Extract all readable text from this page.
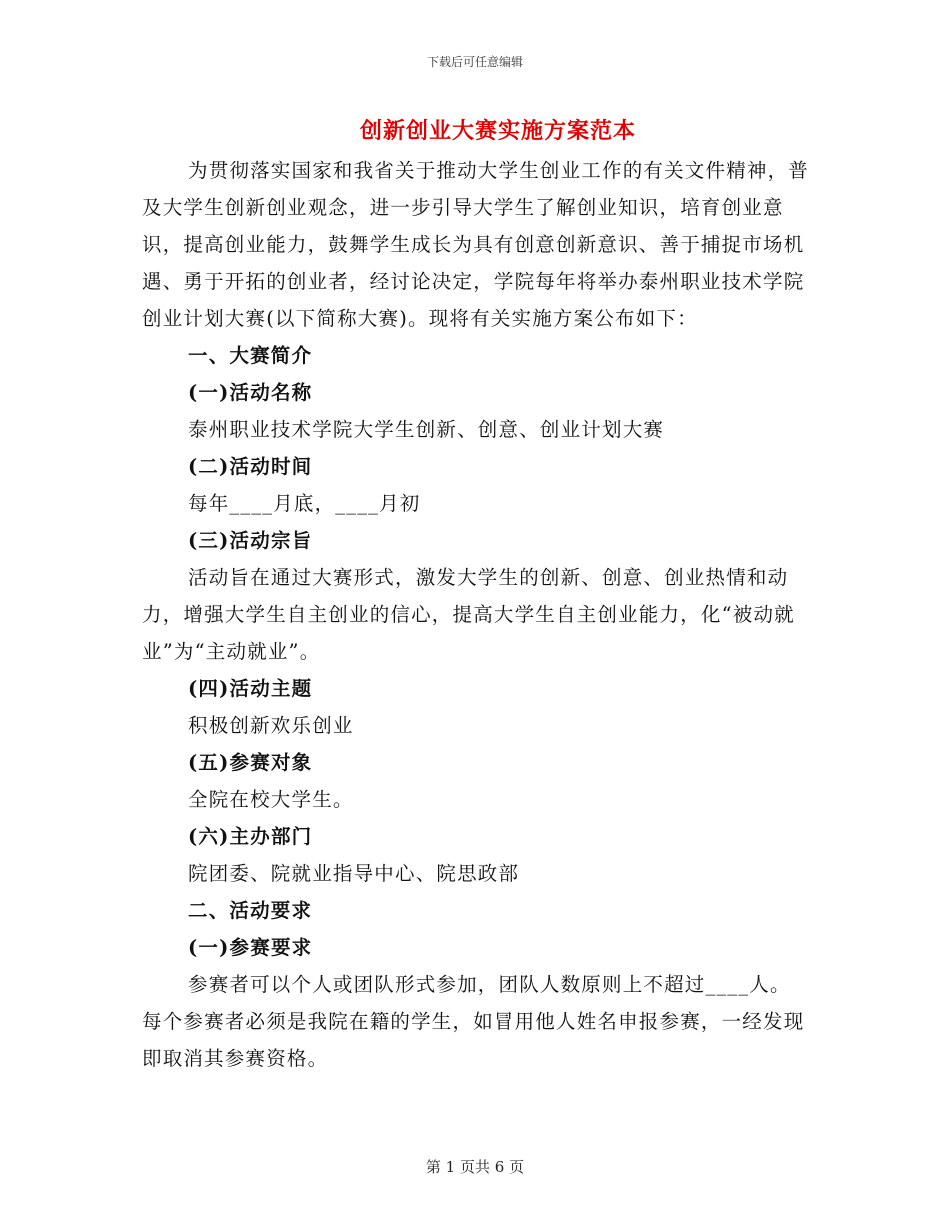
下载后可任意编辑
创新创业大赛实施方案范本

为贯彻落实国家和我省关于推动大学生创业工作的有关文件精神，普及大学生创新创业观念，进一步引导大学生了解创业知识，培育创业意识，提高创业能力，鼓舞学生成长为具有创意创新意识、善于捕捉市场机遇、勇于开拓的创业者，经讨论决定，学院每年将举办泰州职业技术学院创业计划大赛(以下简称大赛)。现将有关实施方案公布如下：

一、大赛简介

(一)活动名称

泰州职业技术学院大学生创新、创意、创业计划大赛

(二)活动时间

每年____月底，____月初

(三)活动宗旨

活动旨在通过大赛形式，激发大学生的创新、创意、创业热情和动力，增强大学生自主创业的信心，提高大学生自主创业能力，化“被动就业”为“主动就业”。

(四)活动主题

积极创新欢乐创业

(五)参赛对象

全院在校大学生。

(六)主办部门

院团委、院就业指导中心、院思政部

二、活动要求

(一)参赛要求

参赛者可以个人或团队形式参加，团队人数原则上不超过____人。每个参赛者必须是我院在籍的学生，如冒用他人姓名申报参赛，一经发现即取消其参赛资格。

第 1 页共 6 页
